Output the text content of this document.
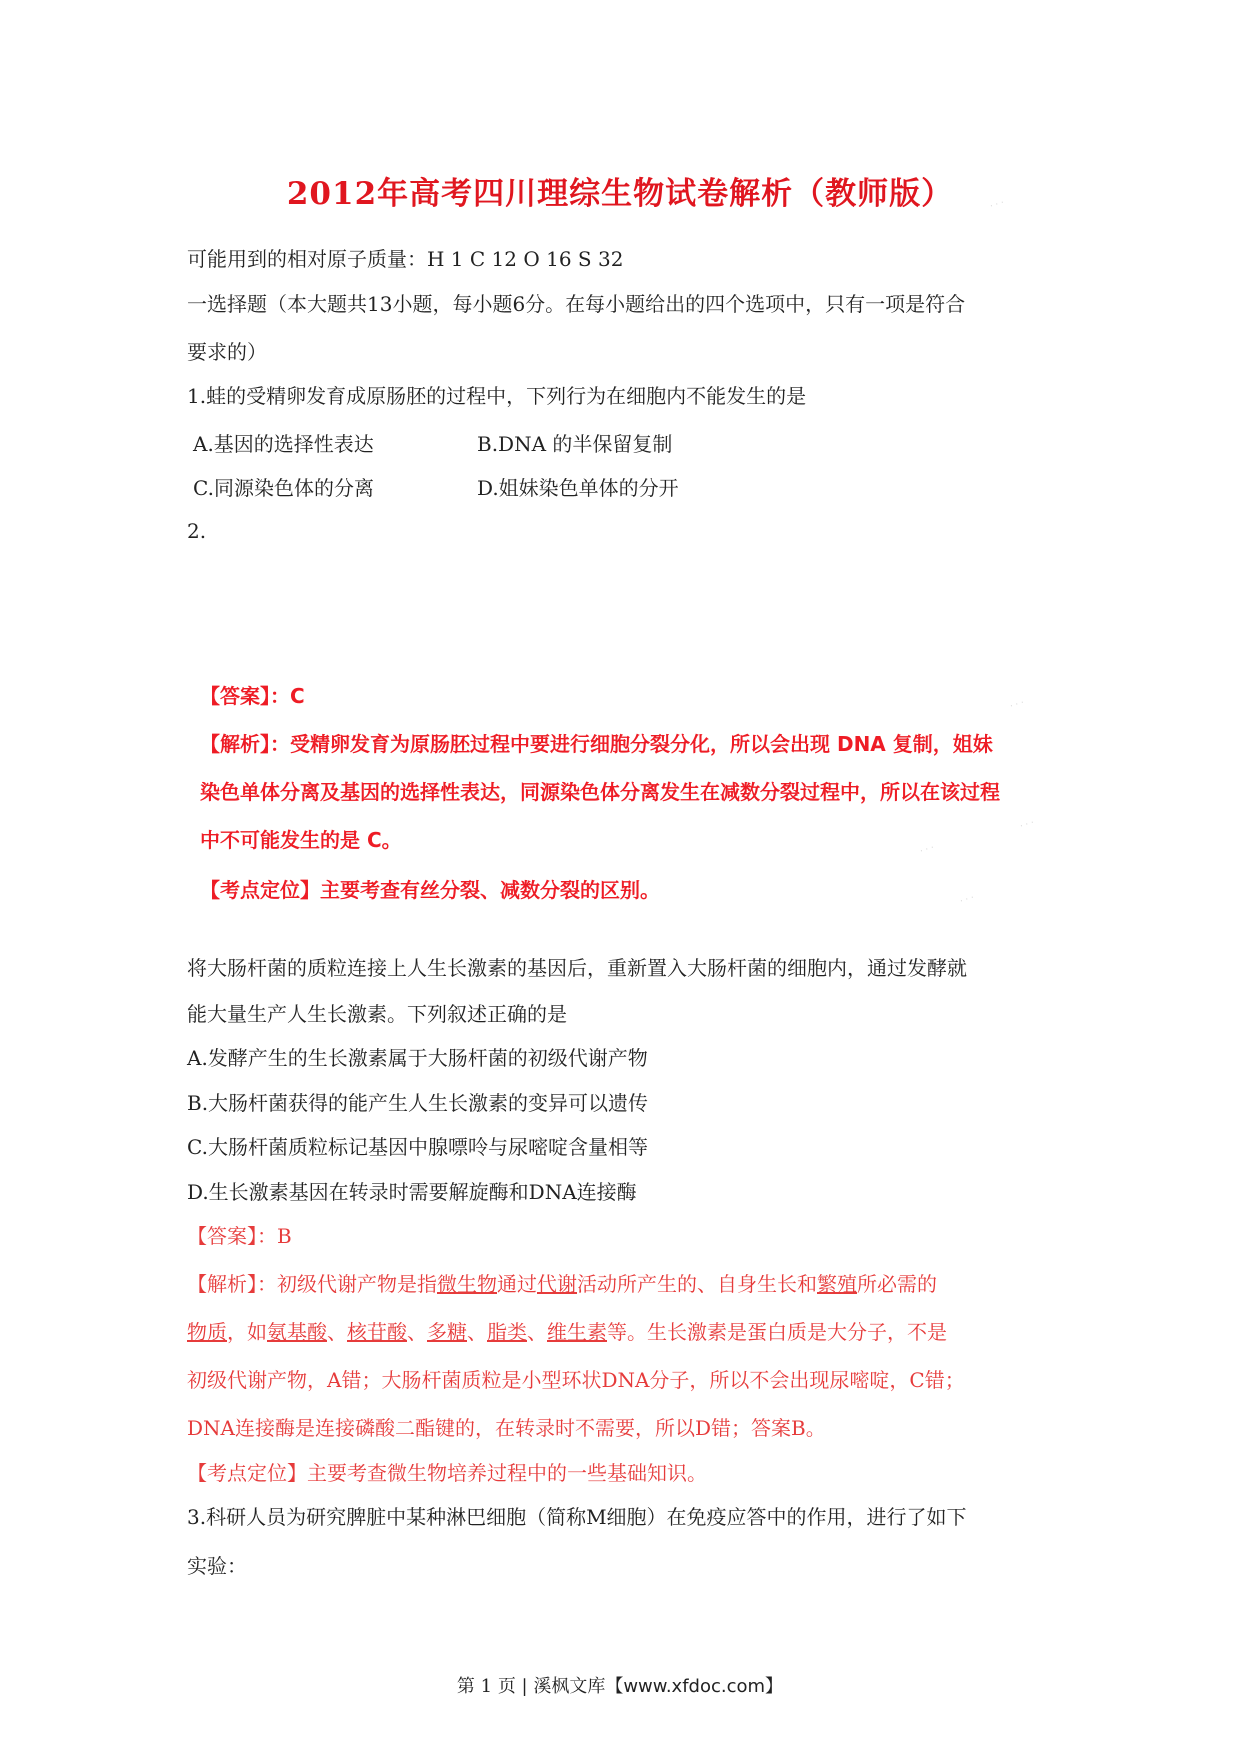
2012年高考四川理综生物试卷解析（教师版）
可能用到的相对原子质量：H 1 C 12 O 16 S 32
一选择题（本大题共13小题，每小题6分。在每小题给出的四个选项中，只有一项是符合
要求的）
1.蛙的受精卵发育成原肠胚的过程中，下列行为在细胞内不能发生的是
A.基因的选择性表达	B.DNA 的半保留复制
C.同源染色体的分离	D.姐妹染色单体的分开
2.
【答案】：C
【解析】：受精卵发育为原肠胚过程中要进行细胞分裂分化，所以会出现 DNA 复制，姐妹
染色单体分离及基因的选择性表达，同源染色体分离发生在减数分裂过程中，所以在该过程
中不可能发生的是 C。
【考点定位】主要考查有丝分裂、减数分裂的区别。
将大肠杆菌的质粒连接上人生长激素的基因后，重新置入大肠杆菌的细胞内，通过发酵就
能大量生产人生长激素。下列叙述正确的是
A.发酵产生的生长激素属于大肠杆菌的初级代谢产物
B.大肠杆菌获得的能产生人生长激素的变异可以遗传
C.大肠杆菌质粒标记基因中腺嘌呤与尿嘧啶含量相等
D.生长激素基因在转录时需要解旋酶和DNA连接酶
【答案】：B
【解析】：初级代谢产物是指微生物通过代谢活动所产生的、自身生长和繁殖所必需的
物质，如氨基酸、核苷酸、多糖、脂类、维生素等。生长激素是蛋白质是大分子，不是
初级代谢产物，A错；大肠杆菌质粒是小型环状DNA分子，所以不会出现尿嘧啶，C错；
DNA连接酶是连接磷酸二酯键的，在转录时不需要，所以D错；答案B。
【考点定位】主要考查微生物培养过程中的一些基础知识。
3.科研人员为研究脾脏中某种淋巴细胞（简称M细胞）在免疫应答中的作用，进行了如下
实验：
· · ·
· · ·
· · ·
· · ·
· · ·
第 1 页 | 溪枫文库【www.xfdoc.com】
